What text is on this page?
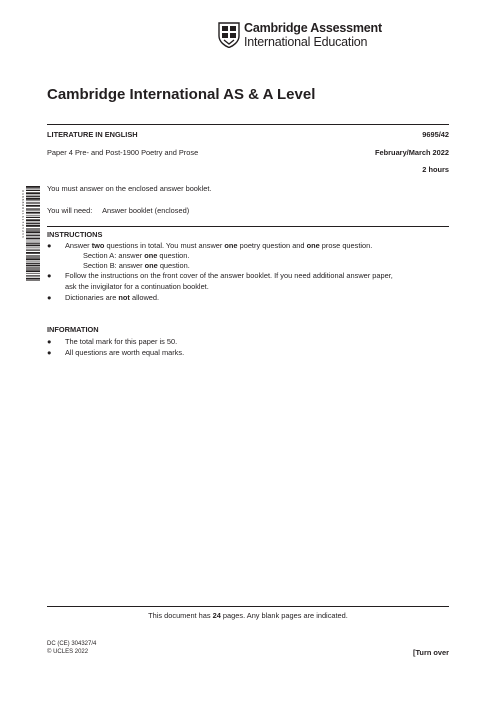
Cambridge Assessment
International Education
Cambridge International AS & A Level
LITERATURE IN ENGLISH	9695/42
Paper 4 Pre- and Post-1900 Poetry and Prose	February/March 2022
2 hours
0 4 8 8 8 8 8 4 1 6 1 5 6 5 2 3 3
You must answer on the enclosed answer booklet.
You will need: Answer booklet (enclosed)
INSTRUCTIONS
● Answer two questions in total. You must answer one poetry question and one prose question.
Section A: answer one question.
Section B: answer one question.
● Follow the instructions on the front cover of the answer booklet. If you need additional answer paper,
ask the invigilator for a continuation booklet.
● Dictionaries are not allowed.
INFORMATION
● The total mark for this paper is 50.
● All questions are worth equal marks.
This document has 24 pages. Any blank pages are indicated.
DC (CE) 304327/4
© UCLES 2022	[Turn over
